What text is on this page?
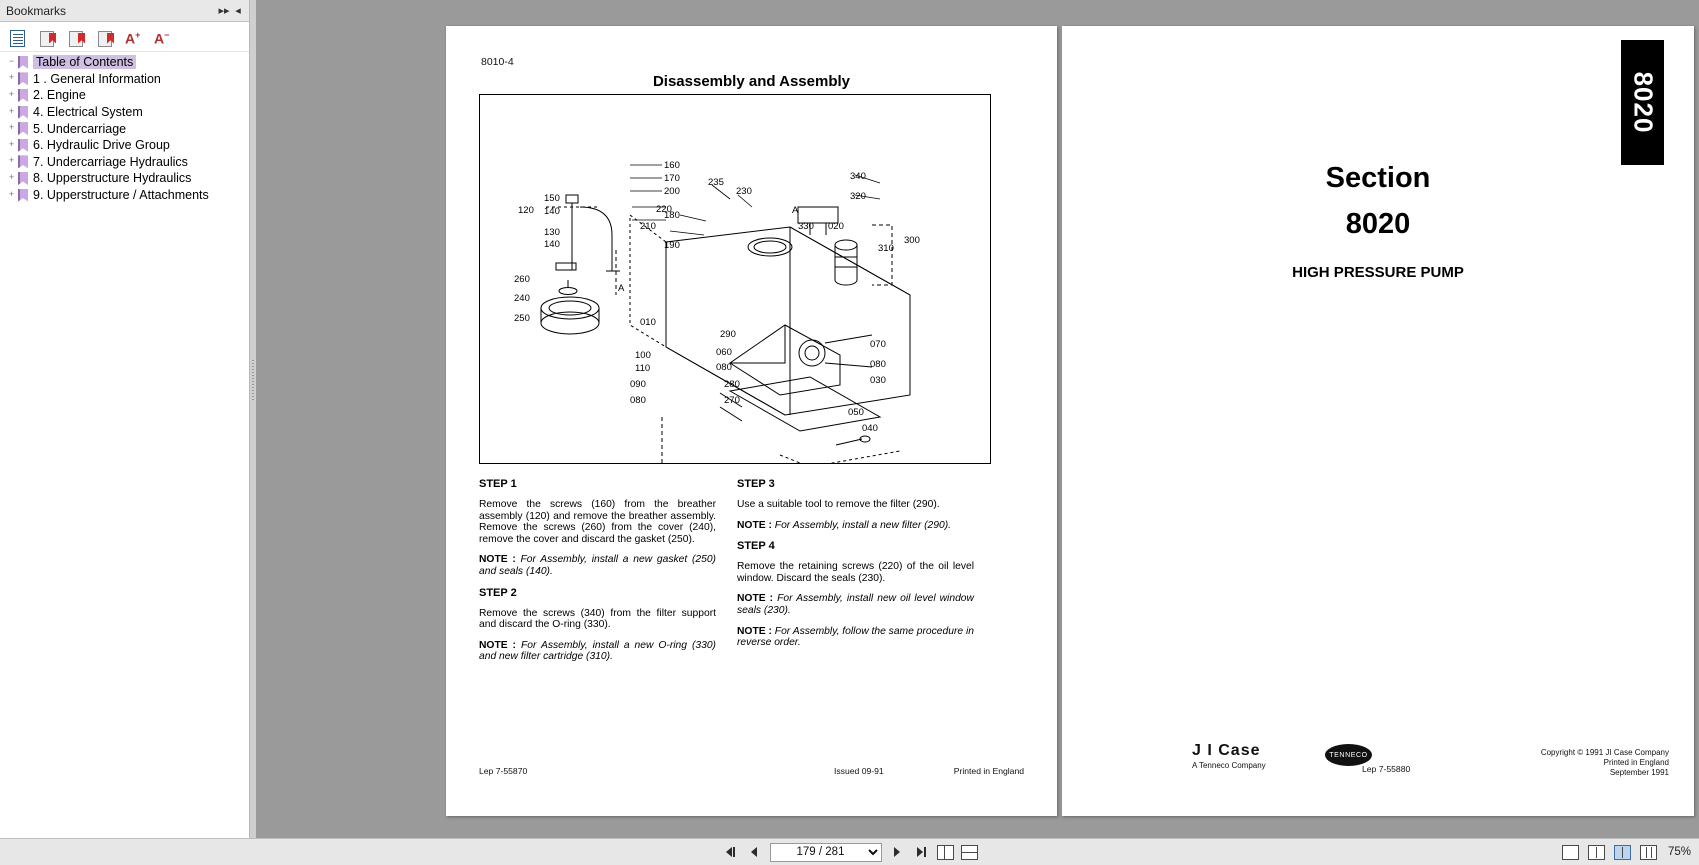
Bookmarks	▸▸ ◂
A+ A−
− Table of Contents
+ 1 . General Information
+ 2. Engine
+ 4. Electrical System
+ 5. Undercarriage
+ 6. Hydraulic Drive Group
+ 7. Undercarriage Hydraulics
+ 8. Upperstructure Hydraulics
+ 9. Upperstructure / Attachments
8010-4
Disassembly and Assembly
160
170
200
180
190
120
150
140
130
140
260
240
250
A
010
235
220
210
230
100
110
090
080
290
060
080
280
270
340
320
330 020
A
310
300
070
080
030
050
040
STEP 1

Remove the screws (160) from the breather assembly (120) and remove the breather assembly. Remove the screws (260) from the cover (240), remove the cover and discard the gasket (250).

NOTE : For Assembly, install a new gasket (250) and seals (140).

STEP 2

Remove the screws (340) from the filter support and discard the O-ring (330).

NOTE : For Assembly, install a new O-ring (330) and new filter cartridge (310).

STEP 3

Use a suitable tool to remove the filter (290).

NOTE : For Assembly, install a new filter (290).

STEP 4

Remove the retaining screws (220) of the oil level window. Discard the seals (230).

NOTE : For Assembly, install new oil level window seals (230).

NOTE : For Assembly, follow the same procedure in reverse order.

Lep 7-55870	Issued 09-91	Printed in England
8020
Section
8020
HIGH PRESSURE PUMP
J I Case
A Tenneco Company
TENNECO
Lep 7-55880
Copyright © 1991 JI Case Company
Printed in England
September 1991
179 / 281
75%
